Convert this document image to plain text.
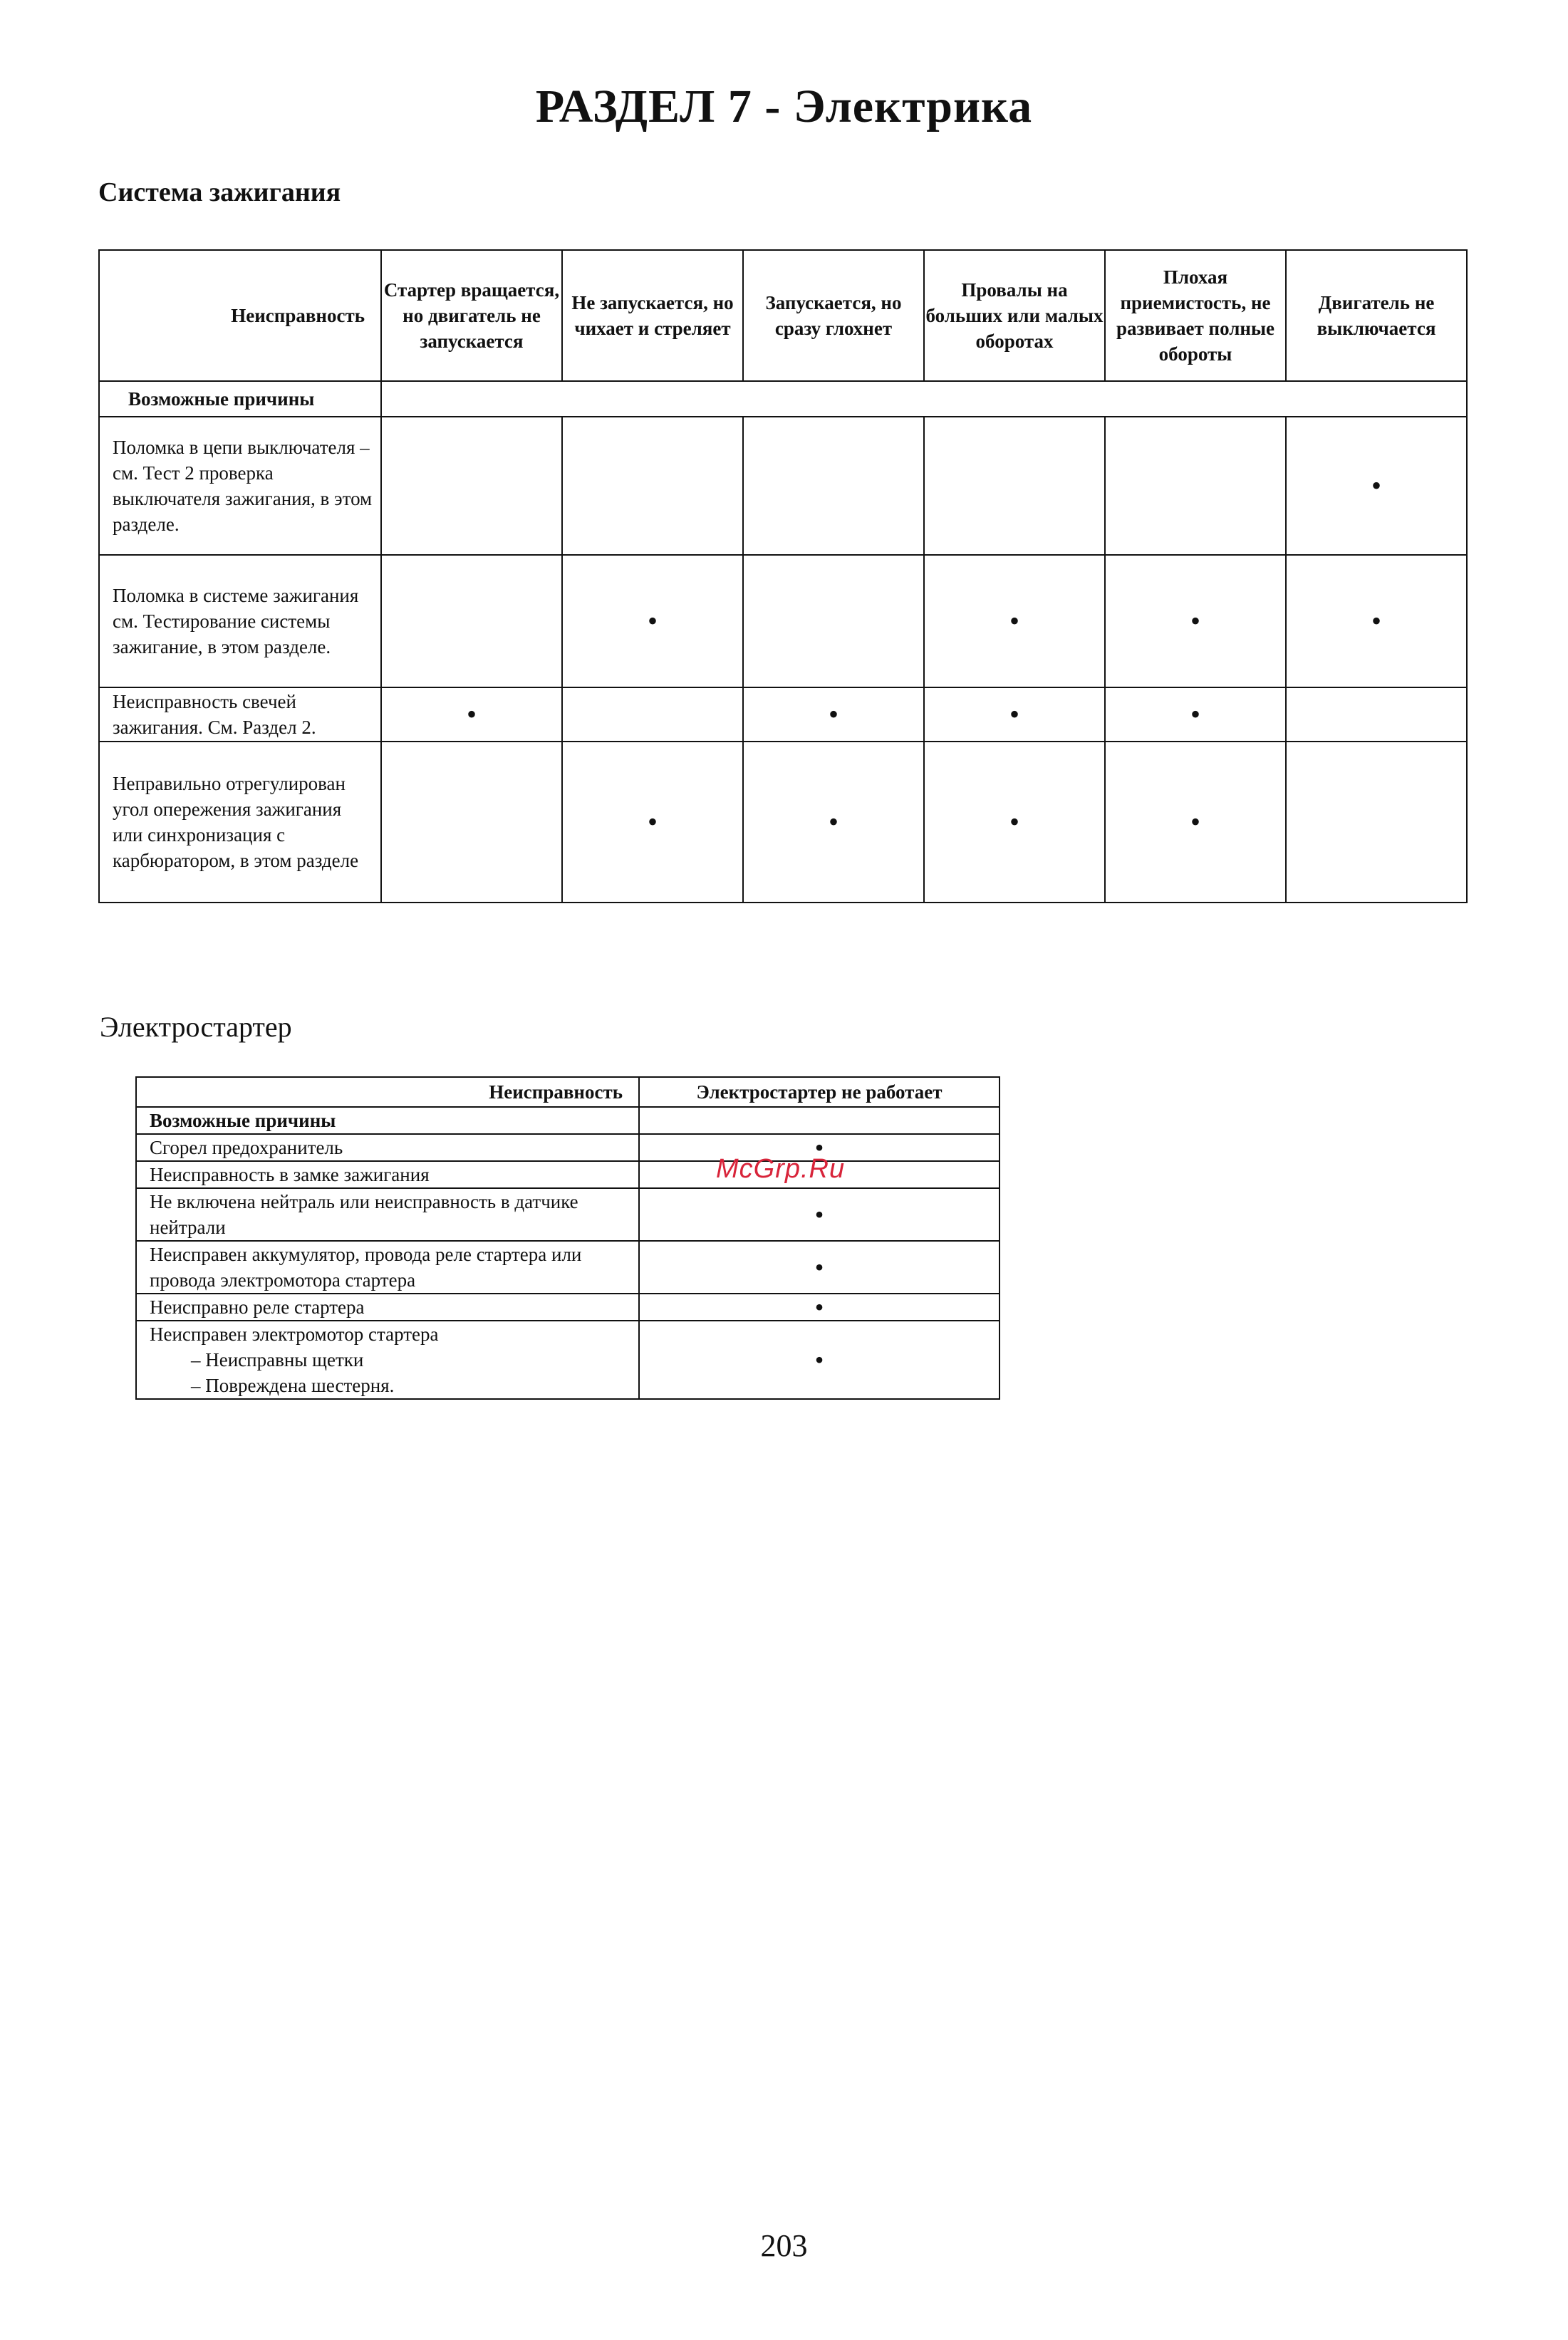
РАЗДЕЛ 7 - Электрика
Система зажигания
Неисправность	Стартер вращается, но двигатель не запускается	Не запускается, но чихает и стреляет	Запускается, но сразу глохнет	Провалы на больших или малых оборотах	Плохая приемистость, не развивает полные обороты	Двигатель не выключается
Возможные причины						
Поломка в цепи выключателя – см. Тест 2 проверка выключателя зажигания, в этом разделе.						•
Поломка в системе зажигания см. Тестирование системы зажигание, в этом разделе.		•		•	•	•
Неисправность свечей зажигания. См. Раздел 2.	•		•	•	•	
Неправильно отрегулирован угол опережения зажигания или синхронизация с карбюратором, в этом разделе		•	•	•	•	
Электростартер
Неисправность	Электростартер не работает
Возможные причины	
Сгорел предохранитель	•
Неисправность в замке зажигания	
Не включена нейтраль или неисправность в датчике нейтрали	•
Неисправен аккумулятор, провода реле стартера или провода электромотора стартера	•
Неисправно реле стартера	•
Неисправен электромотор стартера
– Неисправны щетки
– Повреждена шестерня.	•
McGrp.Ru
203
